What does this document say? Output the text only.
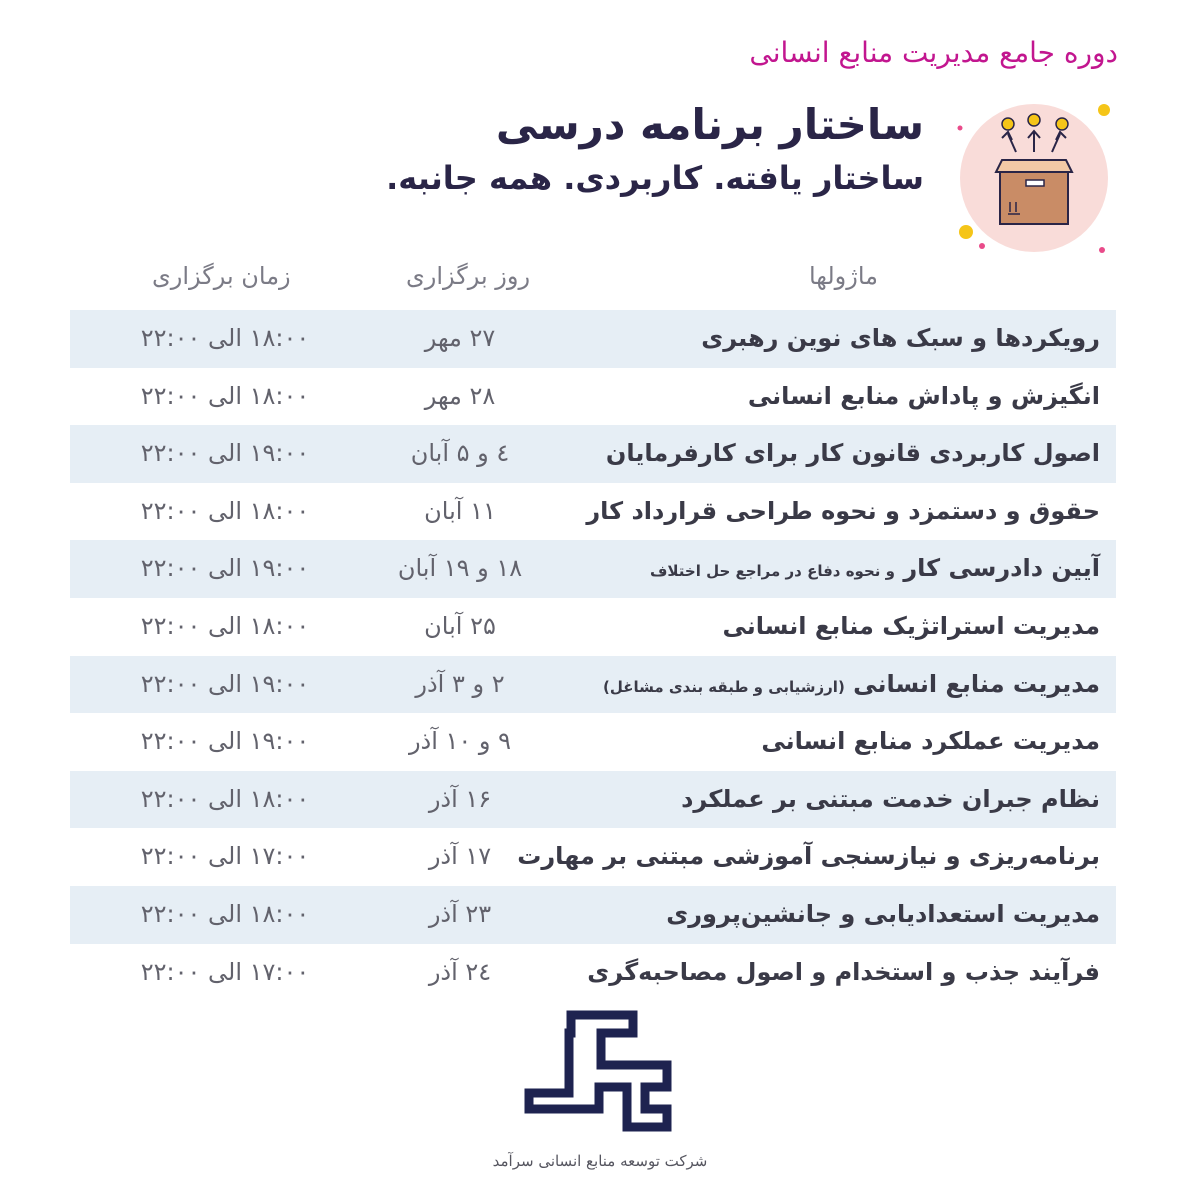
دوره جامع مدیریت منابع انسانی
ساختار برنامه درسی
ساختار یافته. کاربردی. همه جانبه.
ماژولها
روز برگزاری
زمان برگزاری
رویکردها و سبک های نوین رهبری
۲۷ مهر
۱۸:۰۰ الی ۲۲:۰۰
انگیزش و پاداش منابع انسانی
۲۸ مهر
۱۸:۰۰ الی ۲۲:۰۰
اصول کاربردی قانون کار برای کارفرمایان
٤ و ۵ آبان
۱۹:۰۰ الی ۲۲:۰۰
حقوق و دستمزد و نحوه طراحی قرارداد کار
۱۱ آبان
۱۸:۰۰ الی ۲۲:۰۰
آیین دادرسی کار و نحوه دفاع در مراجع حل اختلاف
۱۸ و ۱۹ آبان
۱۹:۰۰ الی ۲۲:۰۰
مدیریت استراتژیک منابع انسانی
۲۵ آبان
۱۸:۰۰ الی ۲۲:۰۰
مدیریت منابع انسانی (ارزشیابی و طبقه بندی مشاغل)
۲ و ۳ آذر
۱۹:۰۰ الی ۲۲:۰۰
مدیریت عملکرد منابع انسانی
۹ و ۱۰ آذر
۱۹:۰۰ الی ۲۲:۰۰
نظام جبران خدمت مبتنی بر عملکرد
۱۶ آذر
۱۸:۰۰ الی ۲۲:۰۰
برنامه‌ریزی و نیازسنجی آموزشی مبتنی بر مهارت
۱۷ آذر
۱۷:۰۰ الی ۲۲:۰۰
مدیریت استعدادیابی و جانشین‌پروری
۲۳ آذر
۱۸:۰۰ الی ۲۲:۰۰
فرآیند جذب و استخدام و اصول مصاحبه‌گری
۲٤ آذر
۱۷:۰۰ الی ۲۲:۰۰
شرکت توسعه منابع انسانی سرآمد
